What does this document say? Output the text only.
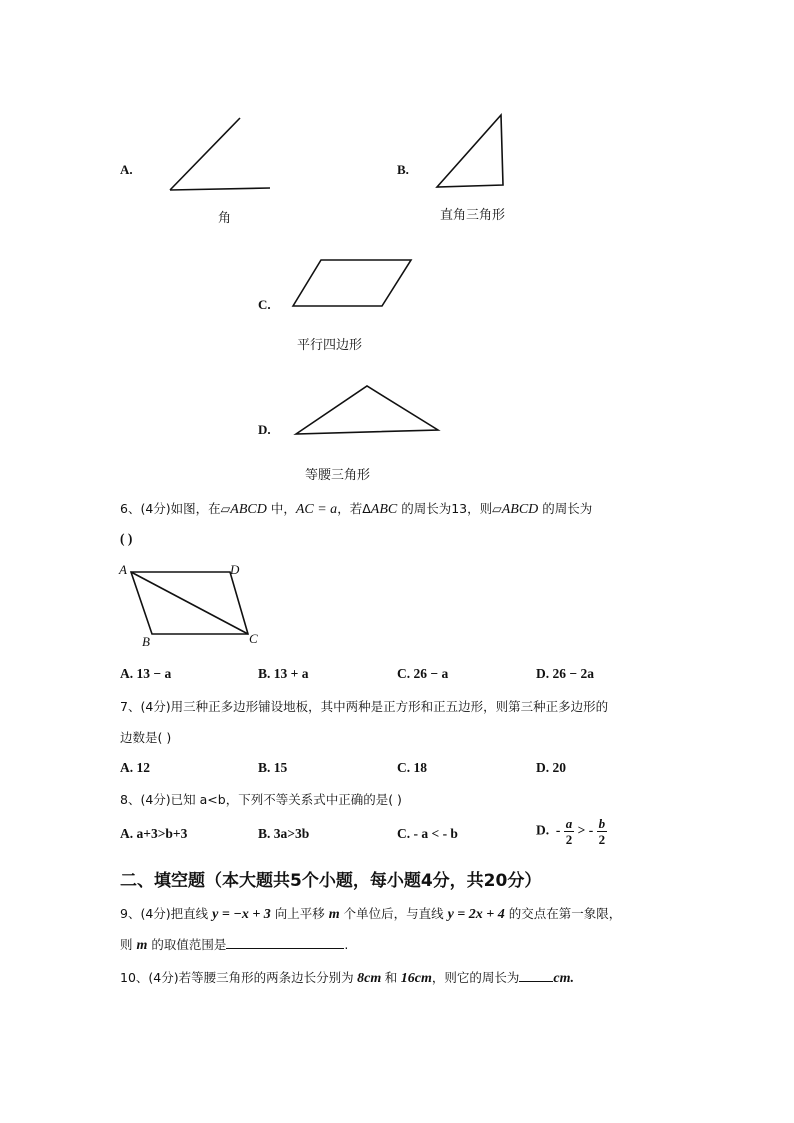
A.
角
B.
直角三角形
C.
平行四边形
D.
等腰三角形
6、(4分)如图，在▱ABCD 中，AC = a，若ΔABC 的周长为13，则▱ABCD 的周长为
( )
A	D
B	C
A. 13 − a	B. 13 + a	C. 26 − a	D. 26 − 2a
7、(4分)用三种正多边形铺设地板，其中两种是正方形和正五边形，则第三种正多边形的
边数是( )
A. 12	B. 15	C. 18	D. 20
8、(4分)已知 a<b，下列不等关系式中正确的是( )
A. a+3>b+3	B. 3a>3b	C. - a < - b	D. - $\frac{a}{2}$ > - $\frac{b}{2}$
二、填空题（本大题共5个小题，每小题4分，共20分）
9、(4分)把直线 y = −x + 3 向上平移 m 个单位后，与直线 y = 2x + 4 的交点在第一象限，
则 m 的取值范围是	.
10、(4分)若等腰三角形的两条边长分别为 8cm 和 16cm，则它的周长为 cm.
